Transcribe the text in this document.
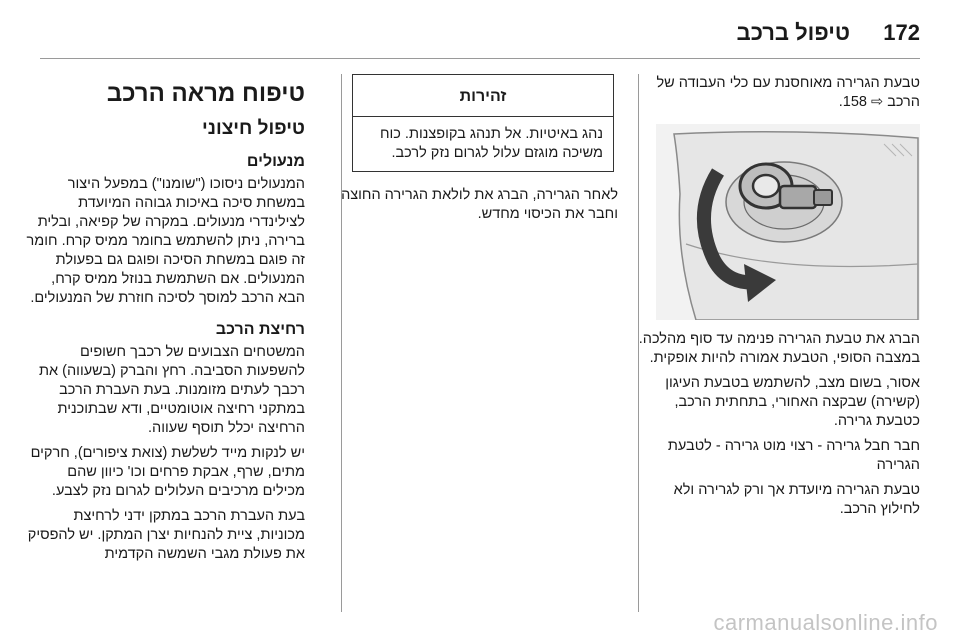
172
טיפול ברכב

טבעת הגרירה מאוחסנת עם כלי העבודה של הרכב ⇨ 158.

הברג את טבעת הגרירה פנימה עד סוף מהלכה. במצבה הסופי, הטבעת אמורה להיות אופקית.

אסור, בשום מצב, להשתמש בטבעת העיגון (קשירה) שבקצה האחורי, בתחתית הרכב, כטבעת גרירה.

חבר חבל גרירה - רצוי מוט גרירה - לטבעת הגרירה

טבעת הגרירה מיועדת אך ורק לגרירה ולא לחילוץ הרכב.

זהירות
נהג באיטיות. אל תנהג בקופצנות. כוח משיכה מוגזם עלול לגרום נזק לרכב.

לאחר הגרירה, הברג את לולאת הגרירה החוצה וחבר את הכיסוי מחדש.

טיפוח מראה הרכב
טיפול חיצוני
מנעולים

המנעולים ניסוכו ("שומנו") במפעל היצור במשחת סיכה באיכות גבוהה המיועדת לצילינדרי מנעולים. במקרה של קפיאה, ובלית ברירה, ניתן להשתמש בחומר ממיס קרח. חומר זה פוגם במשחת הסיכה ופוגם גם בפעולת המנעולים. אם השתמשת בנוזל ממיס קרח, הבא הרכב למוסך לסיכה חוזרת של המנעולים.

רחיצת הרכב

המשטחים הצבועים של רכבך חשופים להשפעות הסביבה. רחץ והברק (בשעווה) את רכבך לעתים מזומנות. בעת העברת הרכב במתקני רחיצה אוטומטיים, ודא שבתוכנית הרחיצה יכלל תוסף שעווה.

יש לנקות מייד לשלשת (צואת ציפורים), חרקים מתים, שרף, אבקת פרחים וכו' כיוון שהם מכילים מרכיבים העלולים לגרום נזק לצבע.

בעת העברת הרכב במתקן ידני לרחיצת מכוניות, ציית להנחיות יצרן המתקן. יש להפסיק את פעולת מגבי השמשה הקדמית

carmanualsonline.info
